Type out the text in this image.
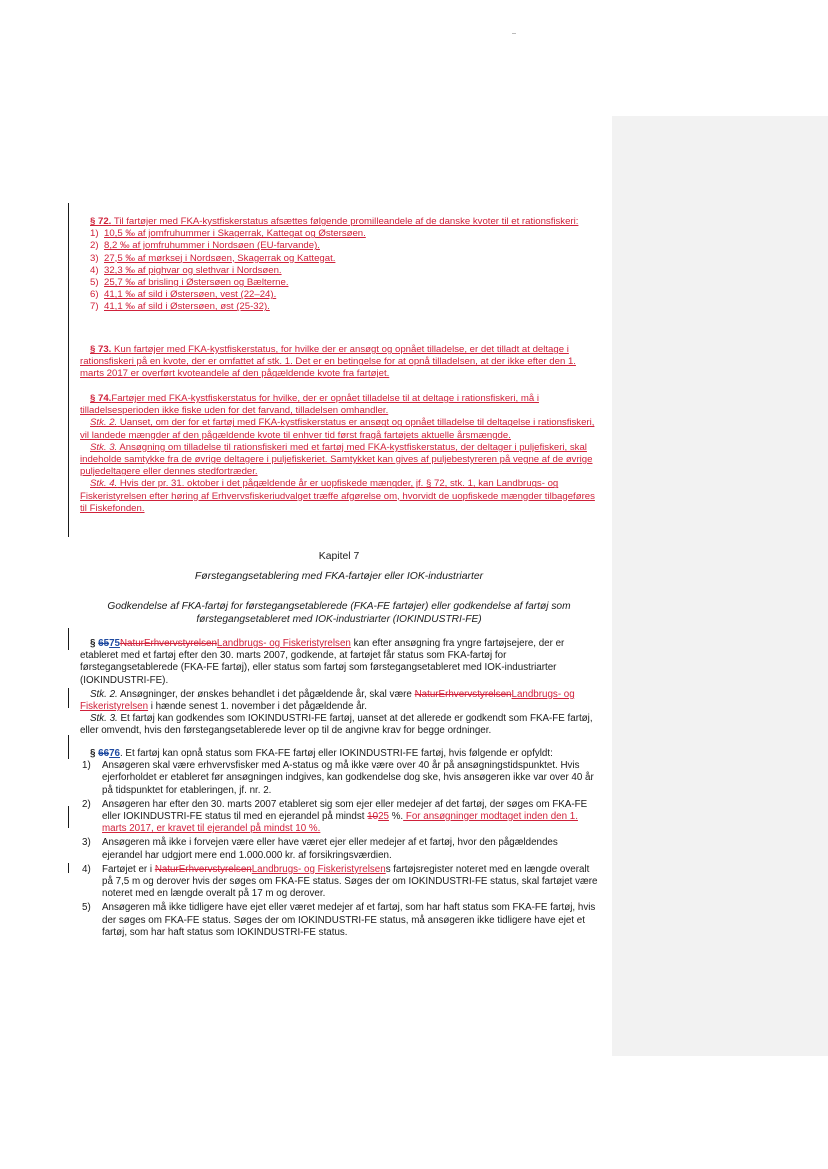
§ 72. Til fartøjer med FKA-kystfiskerstatus afsættes følgende promilleandele af de danske kvoter til et rationsfiskeri:
1) 10,5 ‰ af jomfruhummer i Skagerrak, Kattegat og Østersøen.
2) 8,2 ‰ af jomfruhummer i Nordsøen (EU-farvande).
3) 27,5 ‰ af mørksej i Nordsøen, Skagerrak og Kattegat.
4) 32,3 ‰ af pighvar og slethvar i Nordsøen.
5) 25,7 ‰ af brisling i Østersøen og Bælterne.
6) 41,1 ‰ af sild i Østersøen, vest (22–24).
7) 41,1 ‰ af sild i Østersøen, øst (25-32).
§ 73. Kun fartøjer med FKA-kystfiskerstatus, for hvilke der er ansøgt og opnået tilladelse, er det tilladt at deltage i rationsfiskeri på en kvote, der er omfattet af stk. 1. Det er en betingelse for at opnå tilladelsen, at der ikke efter den 1. marts 2017 er overført kvoteandele af den pågældende kvote fra fartøjet.
§ 74.Fartøjer med FKA-kystfiskerstatus for hvilke, der er opnået tilladelse til at deltage i rationsfiskeri, må i tilladelsesperioden ikke fiske uden for det farvand, tilladelsen omhandler.
Stk. 2. Uanset, om der for et fartøj med FKA-kystfiskerstatus er ansøgt og opnået tilladelse til deltagelse i rationsfiskeri, vil landede mængder af den pågældende kvote til enhver tid først fragå fartøjets aktuelle årsmængde.
Stk. 3. Ansøgning om tilladelse til rationsfiskeri med et fartøj med FKA-kystfiskerstatus, der deltager i puljefiskeri, skal indeholde samtykke fra de øvrige deltagere i puljefiskeriet. Samtykket kan gives af puljebestyreren på vegne af de øvrige puljedeltagere eller dennes stedfortræder.
Stk. 4. Hvis der pr. 31. oktober i det pågældende år er uopfiskede mængder, jf. § 72, stk. 1, kan Landbrugs- og Fiskeristyrelsen efter høring af Erhvervsfiskeriudvalget træffe afgørelse om, hvorvidt de uopfiskede mængder tilbageføres til Fiskefonden.
Kapitel 7
Førstegangsetablering med FKA-fartøjer eller IOK-industriarter
Godkendelse af FKA-fartøj for førstegangsetablerede (FKA-FE fartøjer) eller godkendelse af fartøj som førstegangsetableret med IOK-industriarter (IOKINDUSTRI-FE)
§ 6575NaturErhvervstyrelsenLandbrugs- og Fiskeristyrelsen kan efter ansøgning fra yngre fartøjsejere, der er etableret med et fartøj efter den 30. marts 2007, godkende, at fartøjet får status som FKA-fartøj for førstegangsetablerede (FKA-FE fartøj), eller status som fartøj som førstegangsetableret med IOK-industriarter (IOKINDUSTRI-FE).
Stk. 2. Ansøgninger, der ønskes behandlet i det pågældende år, skal være NaturErhvervstyrelsenLandbrugs- og Fiskeristyrelsen i hænde senest 1. november i det pågældende år.
Stk. 3. Et fartøj kan godkendes som IOKINDUSTRI-FE fartøj, uanset at det allerede er godkendt som FKA-FE fartøj, eller omvendt, hvis den førstegangsetablerede lever op til de angivne krav for begge ordninger.
§ 6676. Et fartøj kan opnå status som FKA-FE fartøj eller IOKINDUSTRI-FE fartøj, hvis følgende er opfyldt:
1) Ansøgeren skal være erhvervsfisker med A-status og må ikke være over 40 år på ansøgningstidspunktet. Hvis ejerforholdet er etableret før ansøgningen indgives, kan godkendelse dog ske, hvis ansøgeren ikke var over 40 år på tidspunktet for etableringen, jf. nr. 2.
2) Ansøgeren har efter den 30. marts 2007 etableret sig som ejer eller medejer af det fartøj, der søges om FKA-FE eller IOKINDUSTRI-FE status til med en ejerandel på mindst 1025 %. For ansøgninger modtaget inden den 1. marts 2017, er kravet til ejerandel på mindst 10 %.
3) Ansøgeren må ikke i forvejen være eller have været ejer eller medejer af et fartøj, hvor den pågældendes ejerandel har udgjort mere end 1.000.000 kr. af forsikringsværdien.
4) Fartøjet er i NaturErhvervstyrelsenLandbrugs- og Fiskeristyrelsens fartøjsregister noteret med en længde overalt på 7,5 m og derover hvis der søges om FKA-FE status. Søges der om IOKINDUSTRI-FE status, skal fartøjet være noteret med en længde overalt på 17 m og derover.
5) Ansøgeren må ikke tidligere have ejet eller været medejer af et fartøj, som har haft status som FKA-FE fartøj, hvis der søges om FKA-FE status. Søges der om IOKINDUSTRI-FE status, må ansøgeren ikke tidligere have ejet et fartøj, som har haft status som IOKINDUSTRI-FE status.
